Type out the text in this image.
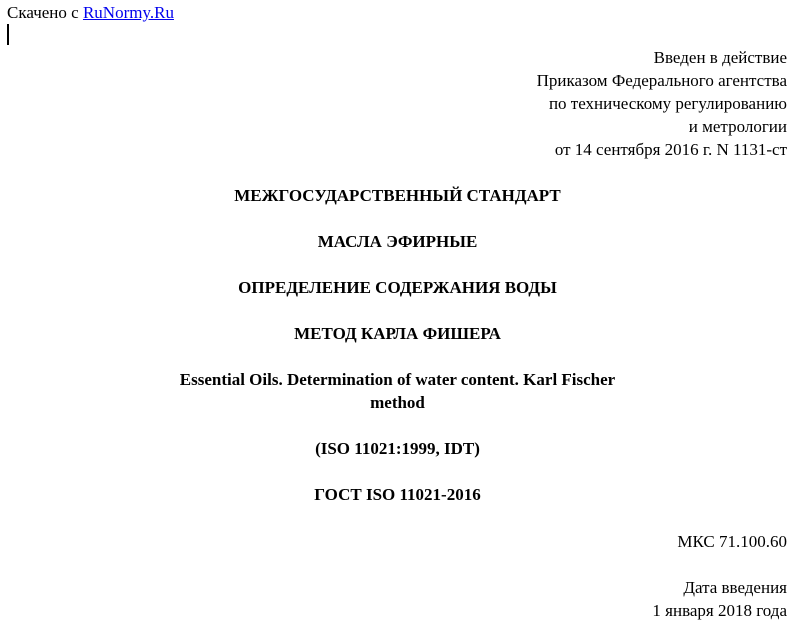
Скачено с RuNormy.Ru
Введен в действие
Приказом Федерального агентства
по техническому регулированию
и метрологии
от 14 сентября 2016 г. N 1131-ст
МЕЖГОСУДАРСТВЕННЫЙ СТАНДАРТ
МАСЛА ЭФИРНЫЕ
ОПРЕДЕЛЕНИЕ СОДЕРЖАНИЯ ВОДЫ
МЕТОД КАРЛА ФИШЕРА
Essential Oils. Determination of water content. Karl Fischer
method
(ISO 11021:1999, IDT)
ГОСТ ISO 11021-2016
МКС 71.100.60
Дата введения
1 января 2018 года
